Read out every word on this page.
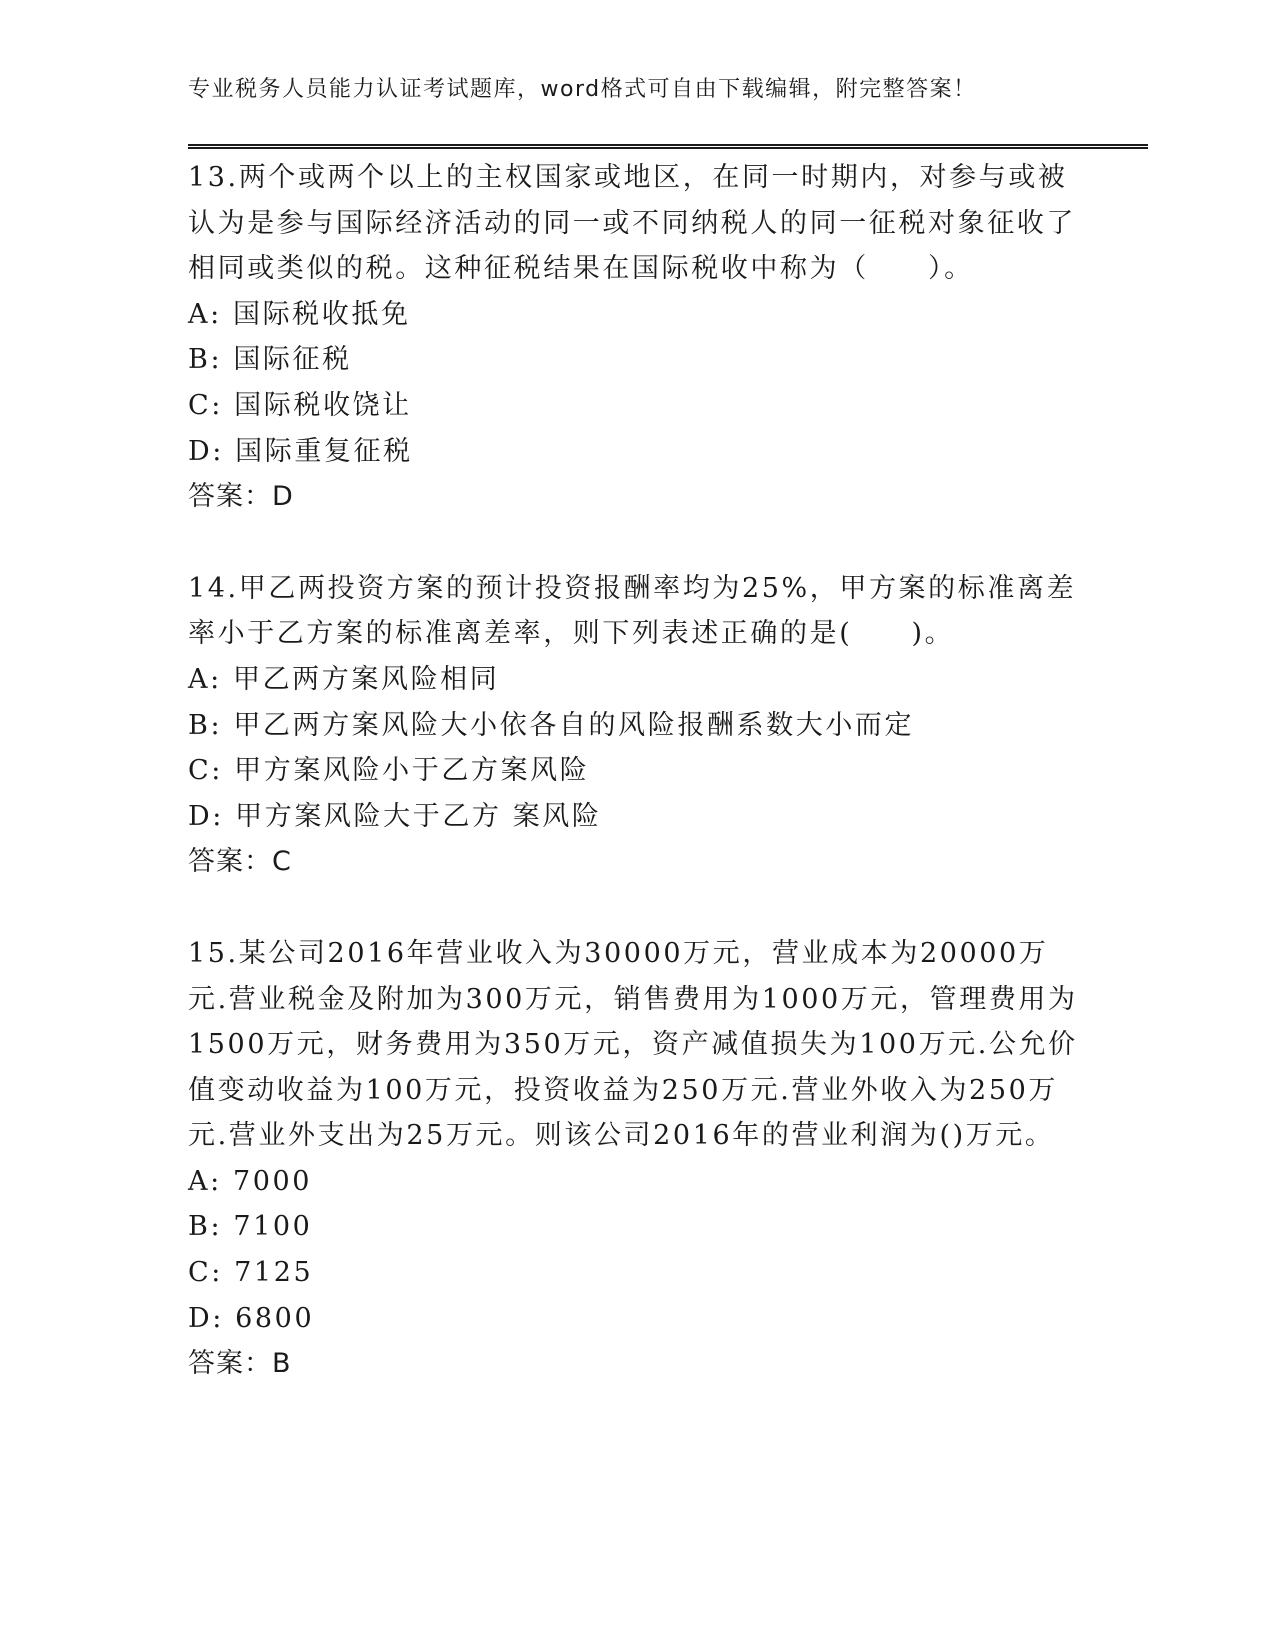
专业税务人员能力认证考试题库，word格式可自由下载编辑，附完整答案！

13.两个或两个以上的主权国家或地区，在同一时期内，对参与或被认为是参与国际经济活动的同一或不同纳税人的同一征税对象征收了相同或类似的税。这种征税结果在国际税收中称为（　　）。

A: 国际税收抵免

B: 国际征税

C: 国际税收饶让

D: 国际重复征税

答案：D

14.甲乙两投资方案的预计投资报酬率均为25%，甲方案的标准离差率小于乙方案的标准离差率，则下列表述正确的是(　　)。

A: 甲乙两方案风险相同

B: 甲乙两方案风险大小依各自的风险报酬系数大小而定

C: 甲方案风险小于乙方案风险

D: 甲方案风险大于乙方 案风险

答案：C

15.某公司2016年营业收入为30000万元，营业成本为20000万元.营业税金及附加为300万元，销售费用为1000万元，管理费用为1500万元，财务费用为350万元，资产减值损失为100万元.公允价值变动收益为100万元，投资收益为250万元.营业外收入为250万元.营业外支出为25万元。则该公司2016年的营业利润为()万元。

A: 7000

B: 7100

C: 7125

D: 6800

答案：B
